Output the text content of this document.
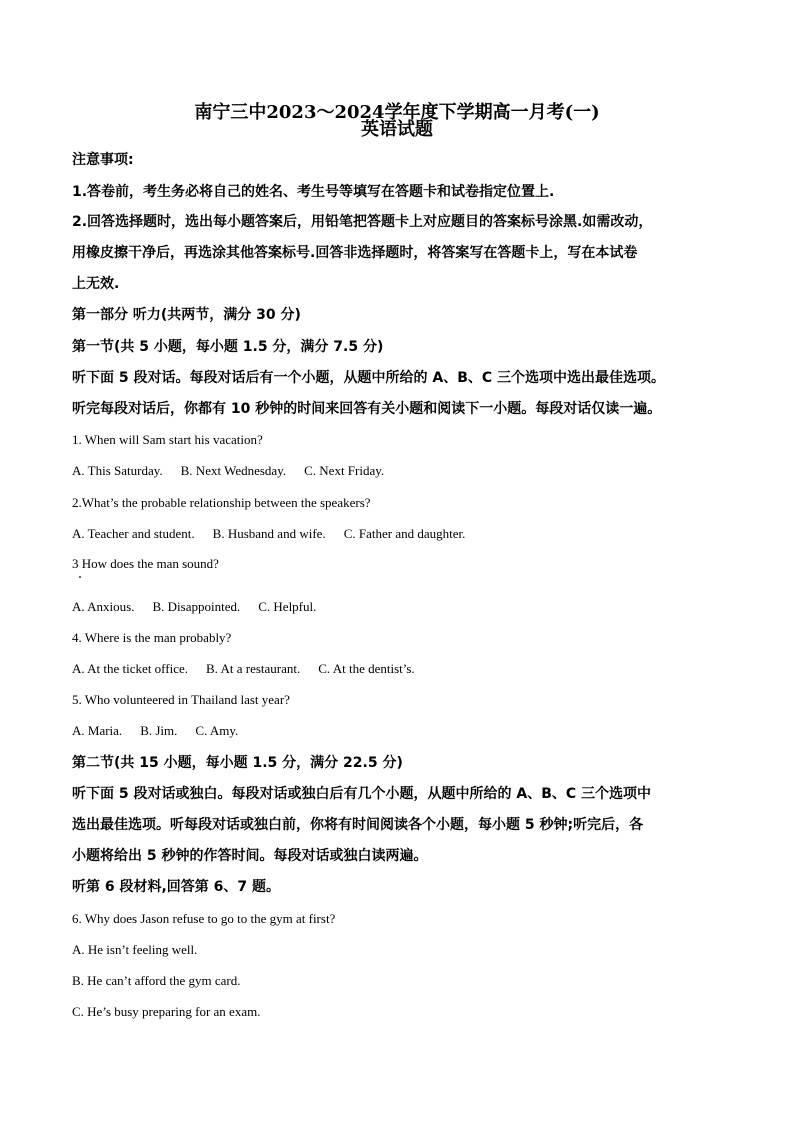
南宁三中2023～2024学年度下学期高一月考(一)
英语试题
注意事项:
1.答卷前，考生务必将自己的姓名、考生号等填写在答题卡和试卷指定位置上.
2.回答选择题时，选出每小题答案后，用铅笔把答题卡上对应题目的答案标号涂黑.如需改动，
用橡皮擦干净后，再选涂其他答案标号.回答非选择题时，将答案写在答题卡上，写在本试卷
上无效.
第一部分 听力(共两节，满分 30 分)
第一节(共 5 小题，每小题 1.5 分，满分 7.5 分)
听下面 5 段对话。每段对话后有一个小题，从题中所给的 A、B、C 三个选项中选出最佳选项。
听完每段对话后，你都有 10 秒钟的时间来回答有关小题和阅读下一小题。每段对话仅读一遍。
1. When will Sam start his vacation?
A. This Saturday. B. Next Wednesday. C. Next Friday.
2.What’s the probable relationship between the speakers?
A. Teacher and student. B. Husband and wife. C. Father and daughter.
3 How does the man sound?
A. Anxious. B. Disappointed. C. Helpful.
4. Where is the man probably?
A. At the ticket office. B. At a restaurant. C. At the dentist’s.
5. Who volunteered in Thailand last year?
A. Maria. B. Jim. C. Amy.
第二节(共 15 小题，每小题 1.5 分，满分 22.5 分)
听下面 5 段对话或独白。每段对话或独白后有几个小题，从题中所给的 A、B、C 三个选项中
选出最佳选项。听每段对话或独白前，你将有时间阅读各个小题，每小题 5 秒钟;听完后，各
小题将给出 5 秒钟的作答时间。每段对话或独白读两遍。
听第 6 段材料,回答第 6、7 题。
6. Why does Jason refuse to go to the gym at first?
A. He isn’t feeling well.
B. He can’t afford the gym card.
C. He’s busy preparing for an exam.
